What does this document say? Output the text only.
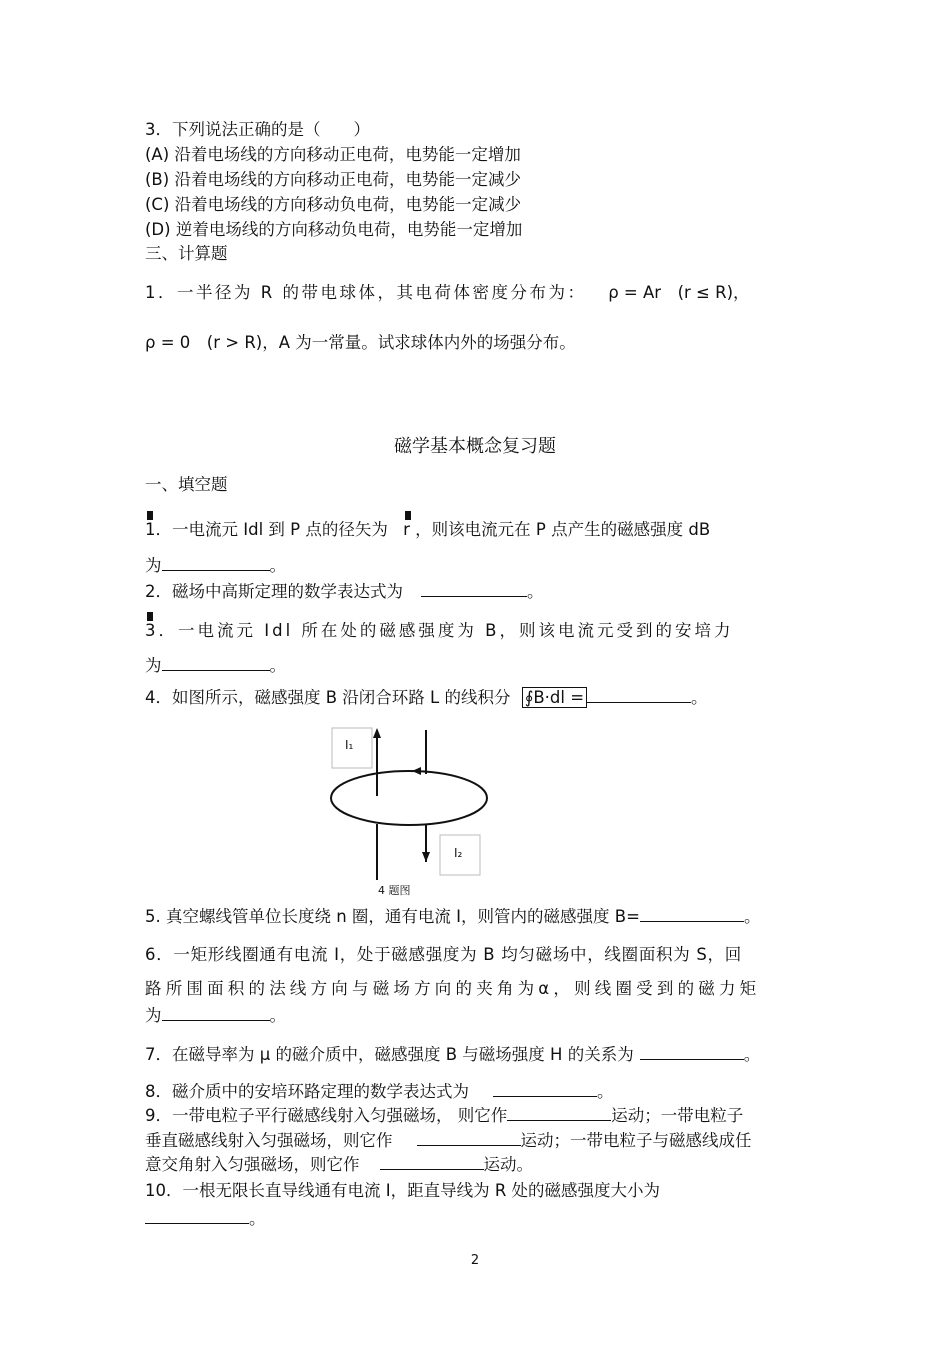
3．下列说法正确的是（　　）
(A) 沿着电场线的方向移动正电荷，电势能一定增加
(B) 沿着电场线的方向移动正电荷，电势能一定减少
(C) 沿着电场线的方向移动负电荷，电势能一定减少
(D) 逆着电场线的方向移动负电荷，电势能一定增加
三、计算题
1．一半径为 R 的带电球体，其电荷体密度分布为： ρ = Ar　(r ≤ R)，
ρ = 0　(r > R)，A 为一常量。试求球体内外的场强分布。
磁学基本概念复习题
一、填空题
1．一电流元 Idl 到 P 点的径矢为 r ，则该电流元在 P 点产生的磁感强度 dB
为	。
2．磁场中高斯定理的数学表达式为	。
3．一电流元 Idl 所在处的磁感强度为 B，则该电流元受到的安培力
为	。
4．如图所示，磁感强度 B 沿闭合环路 L 的线积分 ∮B·dl =	。
I₁
I₂
4 题图
5. 真空螺线管单位长度绕 n 圈，通有电流 I，则管内的磁感强度 B=	。
6．一矩形线圈通有电流 I，处于磁感强度为 B 均匀磁场中，线圈面积为 S，回
路所围面积的法线方向与磁场方向的夹角为α，则线圈受到的磁力矩
为	。
7．在磁导率为 μ 的磁介质中，磁感强度 B 与磁场强度 H 的关系为	。
8．磁介质中的安培环路定理的数学表达式为	。
9．一带电粒子平行磁感线射入匀强磁场， 则它作	运动；一带电粒子
垂直磁感线射入匀强磁场，则它作	运动；一带电粒子与磁感线成任
意交角射入匀强磁场，则它作	运动。
10．一根无限长直导线通有电流 I，距直导线为 R 处的磁感强度大小为
。
2
